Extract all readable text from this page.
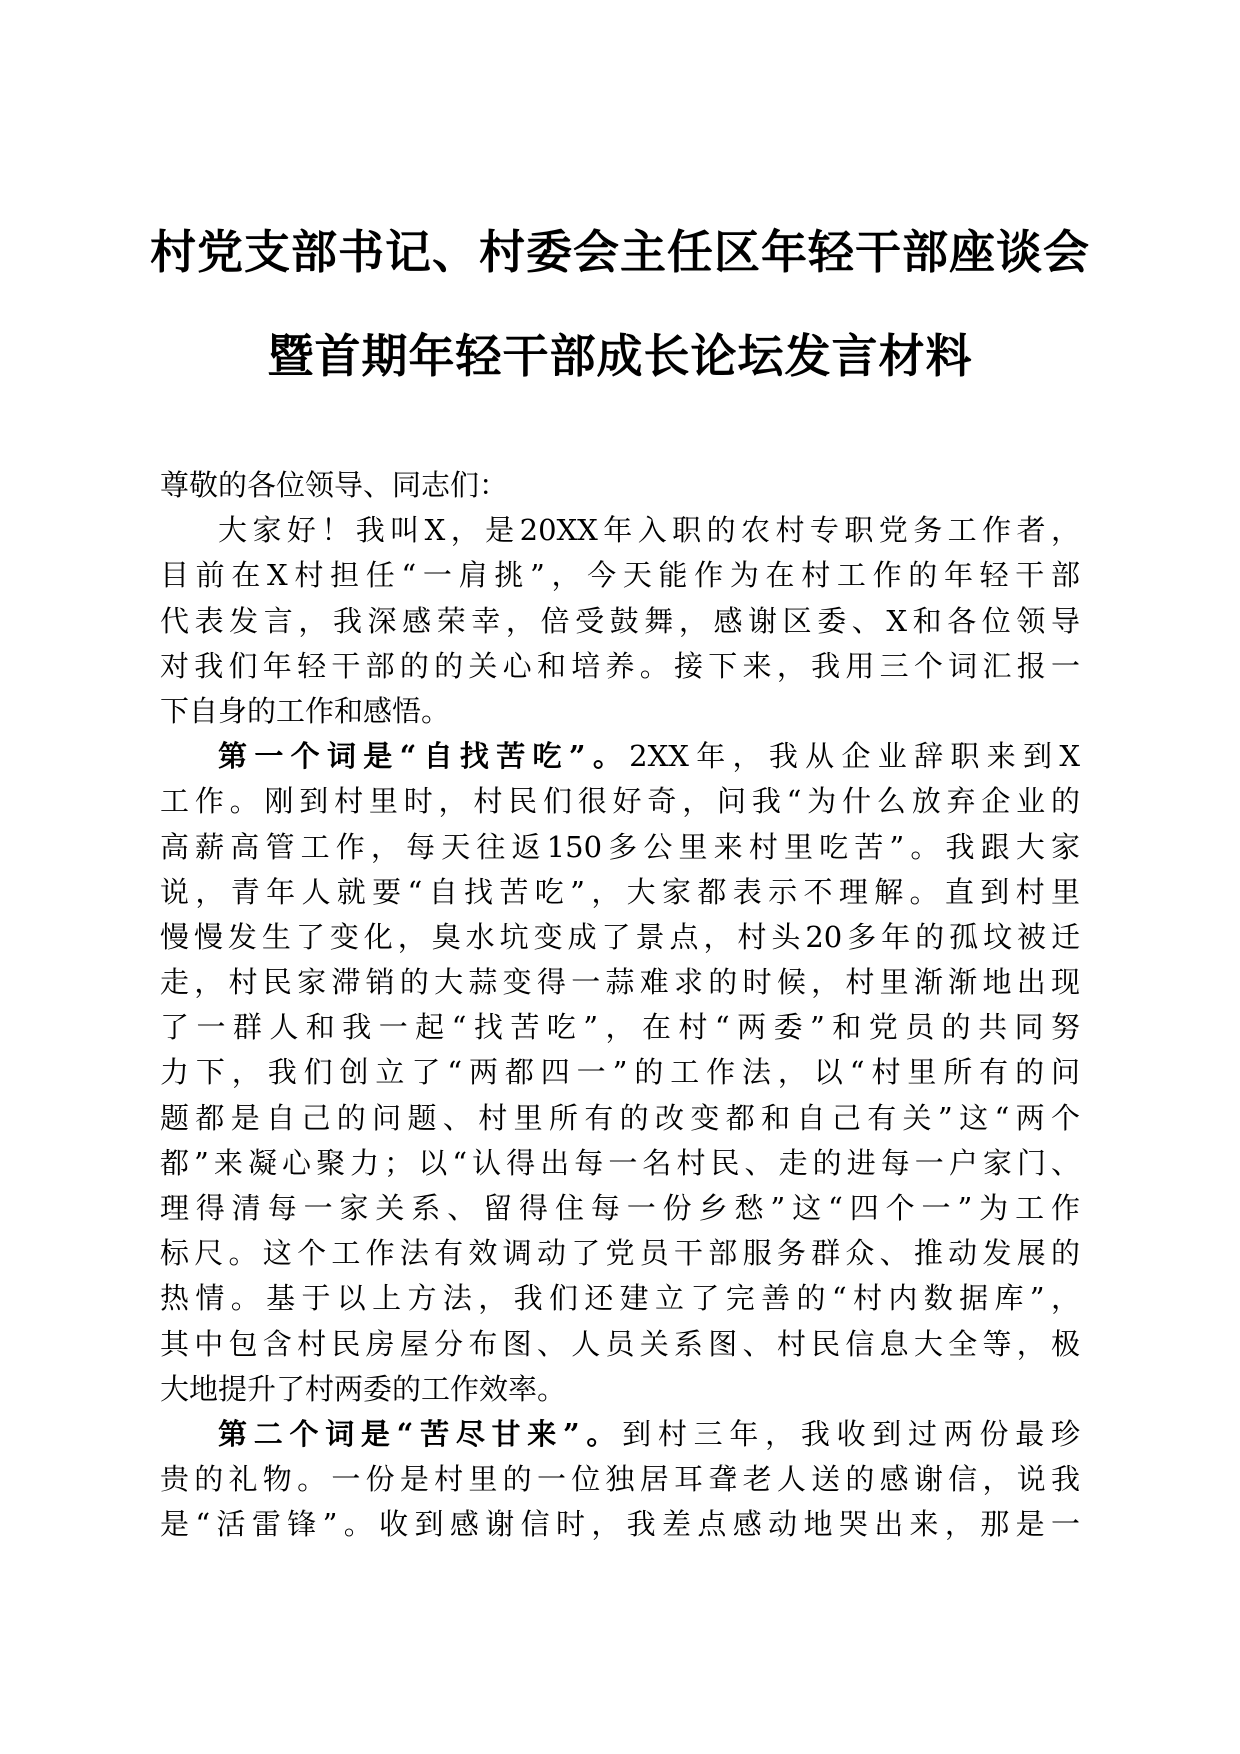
村党支部书记、村委会主任区年轻干部座谈会
暨首期年轻干部成长论坛发言材料
尊敬的各位领导、同志们：
大家好！我叫X，是20XX年入职的农村专职党务工作者，
目前在X村担任“一肩挑”，今天能作为在村工作的年轻干部
代表发言，我深感荣幸，倍受鼓舞，感谢区委、X和各位领导
对我们年轻干部的的关心和培养。接下来，我用三个词汇报一
下自身的工作和感悟。
第一个词是“自找苦吃”。2XX年，我从企业辞职来到X
工作。刚到村里时，村民们很好奇，问我“为什么放弃企业的
高薪高管工作，每天往返150多公里来村里吃苦”。我跟大家
说，青年人就要“自找苦吃”，大家都表示不理解。直到村里
慢慢发生了变化，臭水坑变成了景点，村头20多年的孤坟被迁
走，村民家滞销的大蒜变得一蒜难求的时候，村里渐渐地出现
了一群人和我一起“找苦吃”，在村“两委”和党员的共同努
力下，我们创立了“两都四一”的工作法，以“村里所有的问
题都是自己的问题、村里所有的改变都和自己有关”这“两个
都”来凝心聚力；以“认得出每一名村民、走的进每一户家门、
理得清每一家关系、留得住每一份乡愁”这“四个一”为工作
标尺。这个工作法有效调动了党员干部服务群众、推动发展的
热情。基于以上方法，我们还建立了完善的“村内数据库”，
其中包含村民房屋分布图、人员关系图、村民信息大全等，极
大地提升了村两委的工作效率。
第二个词是“苦尽甘来”。到村三年，我收到过两份最珍
贵的礼物。一份是村里的一位独居耳聋老人送的感谢信，说我
是“活雷锋”。收到感谢信时，我差点感动地哭出来，那是一
